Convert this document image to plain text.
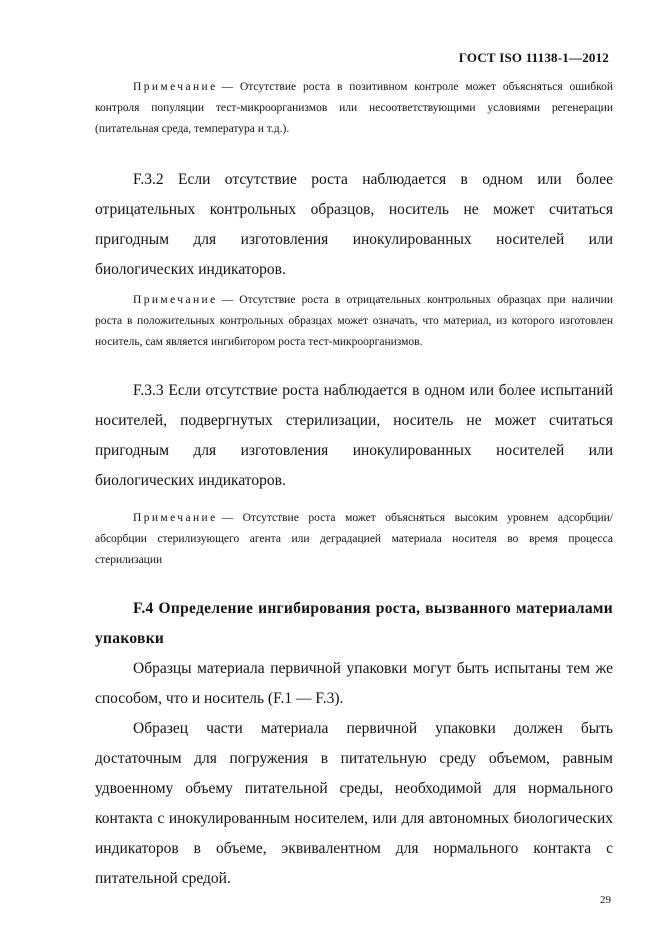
ГОСТ ISO 11138-1—2012

Примечание — Отсутствие роста в позитивном контроле может объясняться ошибкой контроля популяции тест-микроорганизмов или несоответствующими условиями регенерации (питательная среда, температура и т.д.).

F.3.2 Если отсутствие роста наблюдается в одном или более отрицательных контрольных образцов, носитель не может считаться пригодным для изготовления инокулированных носителей или биологических индикаторов.

Примечание — Отсутствие роста в отрицательных контрольных образцах при наличии роста в положительных контрольных образцах может означать, что материал, из которого изготовлен носитель, сам является ингибитором роста тест-микроорганизмов.

F.3.3 Если отсутствие роста наблюдается в одном или более испытаний носителей, подвергнутых стерилизации, носитель не может считаться пригодным для изготовления инокулированных носителей или биологических индикаторов.

Примечание — Отсутствие роста может объясняться высоким уровнем адсорбции/абсорбции стерилизующего агента или деградацией материала носителя во время процесса стерилизации

F.4 Определение ингибирования роста, вызванного материалами упаковки

Образцы материала первичной упаковки могут быть испытаны тем же способом, что и носитель (F.1 — F.3).

Образец части материала первичной упаковки должен быть достаточным для погружения в питательную среду объемом, равным удвоенному объему питательной среды, необходимой для нормального контакта с инокулированным носителем, или для автономных биологических индикаторов в объеме, эквивалентном для нормального контакта с питательной средой.

29
